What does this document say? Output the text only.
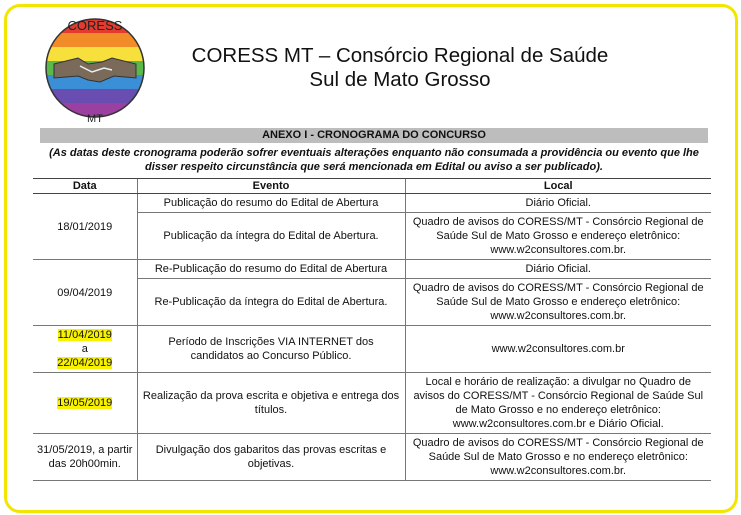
CORESS
MT
CORESS MT – Consórcio Regional de Saúde
Sul de Mato Grosso
ANEXO I - CRONOGRAMA DO CONCURSO
(As datas deste cronograma poderão sofrer eventuais alterações enquanto não consumada a providência ou evento que lhe disser respeito circunstância que será mencionada em Edital ou aviso a ser publicado).
Data	Evento	Local
18/01/2019	Publicação do resumo do Edital de Abertura	Diário Oficial.
	Publicação da íntegra do Edital de Abertura.	Quadro de avisos do CORESS/MT - Consórcio Regional de Saúde Sul de Mato Grosso e endereço eletrônico: www.w2consultores.com.br.
09/04/2019	Re-Publicação do resumo do Edital de Abertura	Diário Oficial.
	Re-Publicação da íntegra do Edital de Abertura.	Quadro de avisos do CORESS/MT - Consórcio Regional de Saúde Sul de Mato Grosso e endereço eletrônico: www.w2consultores.com.br.
11/04/2019
a
22/04/2019	Período de Inscrições VIA INTERNET dos candidatos ao Concurso Público.	www.w2consultores.com.br
19/05/2019	Realização da prova escrita e objetiva e entrega dos títulos.	Local e horário de realização: a divulgar no Quadro de avisos do CORESS/MT - Consórcio Regional de Saúde Sul de Mato Grosso e no endereço eletrônico: www.w2consultores.com.br e Diário Oficial.
31/05/2019, a partir das 20h00min.	Divulgação dos gabaritos das provas escritas e objetivas.	Quadro de avisos do CORESS/MT - Consórcio Regional de Saúde Sul de Mato Grosso e no endereço eletrônico: www.w2consultores.com.br.
